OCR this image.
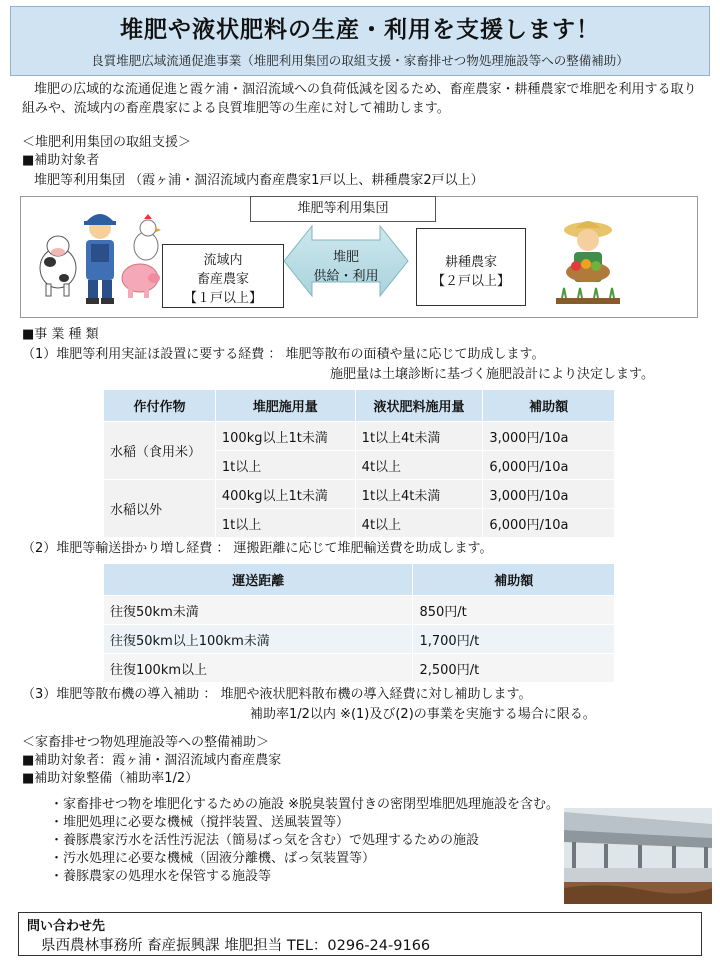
堆肥や液状肥料の生産・利用を支援します！
良質堆肥広域流通促進事業（堆肥利用集団の取組支援・家畜排せつ物処理施設等への整備補助）
堆肥の広域的な流通促進と霞ケ浦・涸沼流域への負荷低減を図るため、畜産農家・耕種農家で堆肥を利用する取り組みや、流域内の畜産農家による良質堆肥等の生産に対して補助します。
＜堆肥利用集団の取組支援＞
■補助対象者
堆肥等利用集団 （霞ヶ浦・涸沼流域内畜産農家1戸以上、耕種農家2戸以上）
堆肥等利用集団
流域内
畜産農家
【１戸以上】
堆肥
供給・利用
耕種農家
【２戸以上】
■事 業 種 類
（1）堆肥等利用実証ほ設置に要する経費 ： 堆肥等散布の面積や量に応じて助成します。
施肥量は土壌診断に基づく施肥設計により決定します。
作付作物	堆肥施用量	液状肥料施用量	補助額
水稲（食用米）	100kg以上1t未満	1t以上4t未満	3,000円/10a
	1t以上	4t以上	6,000円/10a
水稲以外	400kg以上1t未満	1t以上4t未満	3,000円/10a
	1t以上	4t以上	6,000円/10a
（2）堆肥等輸送掛かり増し経費 ： 運搬距離に応じて堆肥輸送費を助成します。
運送距離	補助額
往復50km未満	850円/t
往復50km以上100km未満	1,700円/t
往復100km以上	2,500円/t
（3）堆肥等散布機の導入補助 ： 堆肥や液状肥料散布機の導入経費に対し補助します。
補助率1/2以内 ※(1)及び(2)の事業を実施する場合に限る。
＜家畜排せつ物処理施設等への整備補助＞
■補助対象者：霞ヶ浦・涸沼流域内畜産農家
■補助対象整備（補助率1/2）
・家畜排せつ物を堆肥化するための施設 ※脱臭装置付きの密閉型堆肥処理施設を含む。
・堆肥処理に必要な機械（撹拌装置、送風装置等）
・養豚農家汚水を活性汚泥法（簡易ばっ気を含む）で処理するための施設
・汚水処理に必要な機械（固液分離機、ばっ気装置等）
・養豚農家の処理水を保管する施設等
問い合わせ先
県西農林事務所 畜産振興課 堆肥担当 TEL：0296-24-9166
